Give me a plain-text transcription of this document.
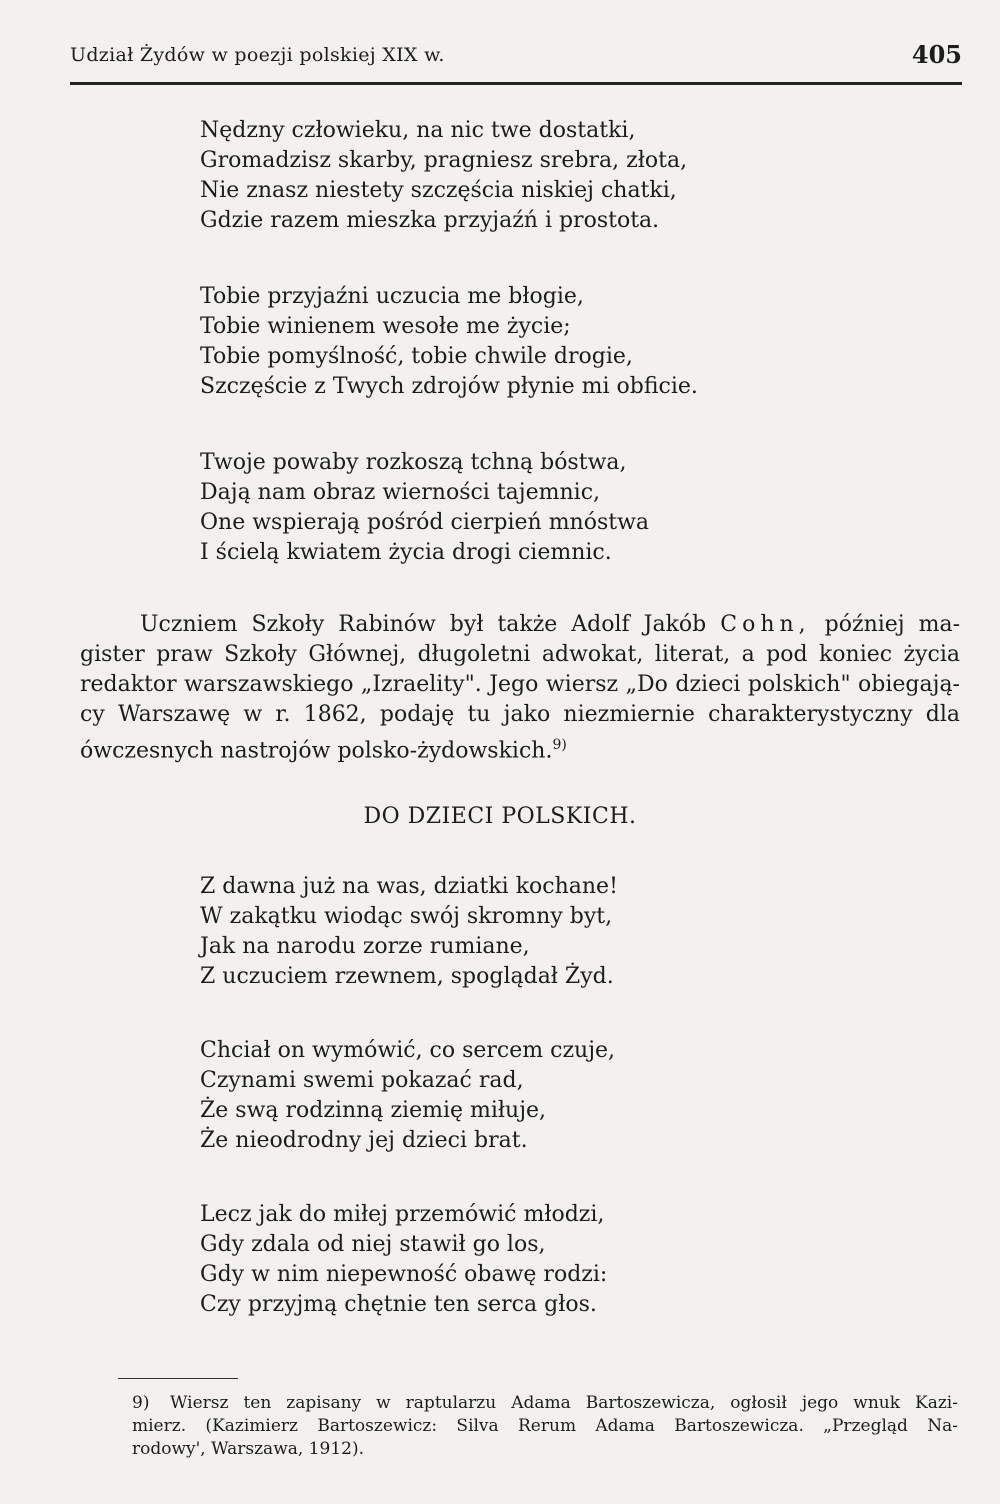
Udział Żydów w poezji polskiej XIX w.	405
Nędzny człowieku, na nic twe dostatki,
Gromadzisz skarby, pragniesz srebra, złota,
Nie znasz niestety szczęścia niskiej chatki,
Gdzie razem mieszka przyjaźń i prostota.
Tobie przyjaźni uczucia me błogie,
Tobie winienem wesołe me życie;
Tobie pomyślność, tobie chwile drogie,
Szczęście z Twych zdrojów płynie mi obficie.
Twoje powaby rozkoszą tchną bóstwa,
Dają nam obraz wierności tajemnic,
One wspierają pośród cierpień mnóstwa
I ścielą kwiatem życia drogi ciemnic.
Uczniem Szkoły Rabinów był także Adolf Jakób Cohn, później ma-
gister praw Szkoły Głównej, długoletni adwokat, literat, a pod koniec życia
redaktor warszawskiego „Izraelity". Jego wiersz „Do dzieci polskich" obiegają-
cy Warszawę w r. 1862, podaję tu jako niezmiernie charakterystyczny dla
ówczesnych nastrojów polsko-żydowskich.$^{9)}$
DO DZIECI POLSKICH.
Z dawna już na was, dziatki kochane!
W zakątku wiodąc swój skromny byt,
Jak na narodu zorze rumiane,
Z uczuciem rzewnem, spoglądał Żyd.
Chciał on wymówić, co sercem czuje,
Czynami swemi pokazać rad,
Że swą rodzinną ziemię miłuje,
Że nieodrodny jej dzieci brat.
Lecz jak do miłej przemówić młodzi,
Gdy zdala od niej stawił go los,
Gdy w nim niepewność obawę rodzi:
Czy przyjmą chętnie ten serca głos.
9) Wiersz ten zapisany w raptularzu Adama Bartoszewicza, ogłosił jego wnuk Kazi-
mierz. (Kazimierz Bartoszewicz: Silva Rerum Adama Bartoszewicza. „Przegląd Na-
rodowy', Warszawa, 1912).
